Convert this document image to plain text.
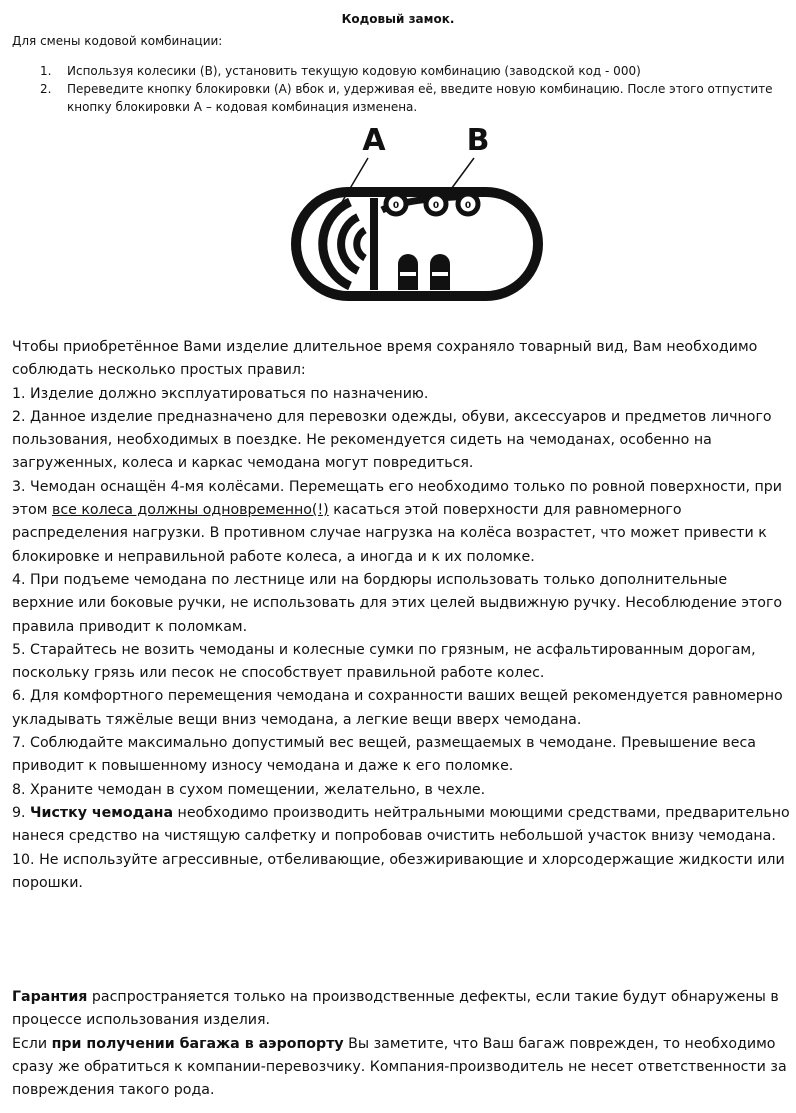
Кодовый замок.
Для смены кодовой комбинации:
1.	Используя колесики (В), установить текущую кодовую комбинацию (заводской код - 000)
2.	Переведите кнопку блокировки (А) вбок и, удерживая её, введите новую комбинацию. После этого отпустите кнопку блокировки А – кодовая комбинация изменена.
A	B
0	0	0

Чтобы приобретённое Вами изделие длительное время сохраняло товарный вид, Вам необходимо соблюдать несколько простых правил:

1. Изделие должно эксплуатироваться по назначению.

2. Данное изделие предназначено для перевозки одежды, обуви, аксессуаров и предметов личного пользования, необходимых в поездке. Не рекомендуется сидеть на чемоданах, особенно на загруженных, колеса и каркас чемодана могут повредиться.

3. Чемодан оснащён 4-мя колёсами. Перемещать его необходимо только по ровной поверхности, при этом все колеса должны одновременно(!) касаться этой поверхности для равномерного распределения нагрузки. В противном случае нагрузка на колёса возрастет, что может привести к блокировке и неправильной работе колеса, а иногда и к их поломке.

4. При подъеме чемодана по лестнице или на бордюры использовать только дополнительные верхние или боковые ручки, не использовать для этих целей выдвижную ручку. Несоблюдение этого правила приводит к поломкам.

5. Старайтесь не возить чемоданы и колесные сумки по грязным, не асфальтированным дорогам, поскольку грязь или песок не способствует правильной работе колес.

6. Для комфортного перемещения чемодана и сохранности ваших вещей рекомендуется равномерно укладывать тяжёлые вещи вниз чемодана, а легкие вещи вверх чемодана.

7. Соблюдайте максимально допустимый вес вещей, размещаемых в чемодане. Превышение веса приводит к повышенному износу чемодана и даже к его поломке.

8. Храните чемодан в сухом помещении, желательно, в чехле.

9. Чистку чемодана необходимо производить нейтральными моющими средствами, предварительно нанеся средство на чистящую салфетку и попробовав очистить небольшой участок внизу чемодана.

10. Не используйте агрессивные, отбеливающие, обезжиривающие и хлорсодержащие жидкости или порошки.

Гарантия распространяется только на производственные дефекты, если такие будут обнаружены в процессе использования изделия.

Если при получении багажа в аэропорту Вы заметите, что Ваш багаж поврежден, то необходимо сразу же обратиться к компании-перевозчику. Компания-производитель не несет ответственности за повреждения такого рода.
